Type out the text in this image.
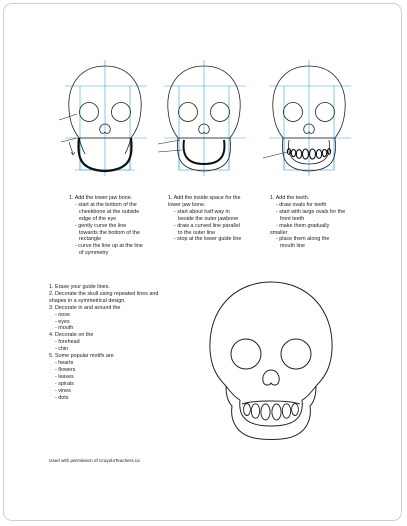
1. Add the lower jaw bone.
- start at the bottom of the
cheekbone at the outside
edge of the eye
- gently curve the line
towards the bottom of the
rectangle
- curve the line up at the line
of symmetry
1. Add the inside space for the
lower jaw bone.
- start about half way in
beside the outer jawbone
- draw a curved line parallel
to the outer line
- stop at the lower guide line
1. Add the teeth.
- draw ovals for teeth
- start with large ovals for the
front teeth
- make them gradually
smaller
- place them along the
mouth line
1. Erase your guide lines.
2. Decorate the skull using repeated lines and
shapes in a symmetrical design.
3. Decorate in and around the
- nose
- eyes
- mouth
4. Decorate on the
- forehead
- chin
5. Some popular motifs are
- hearts
- flowers
- leaves
- spirals
- vines
- dots
Used with permission of CrayolaTeachers.ca
